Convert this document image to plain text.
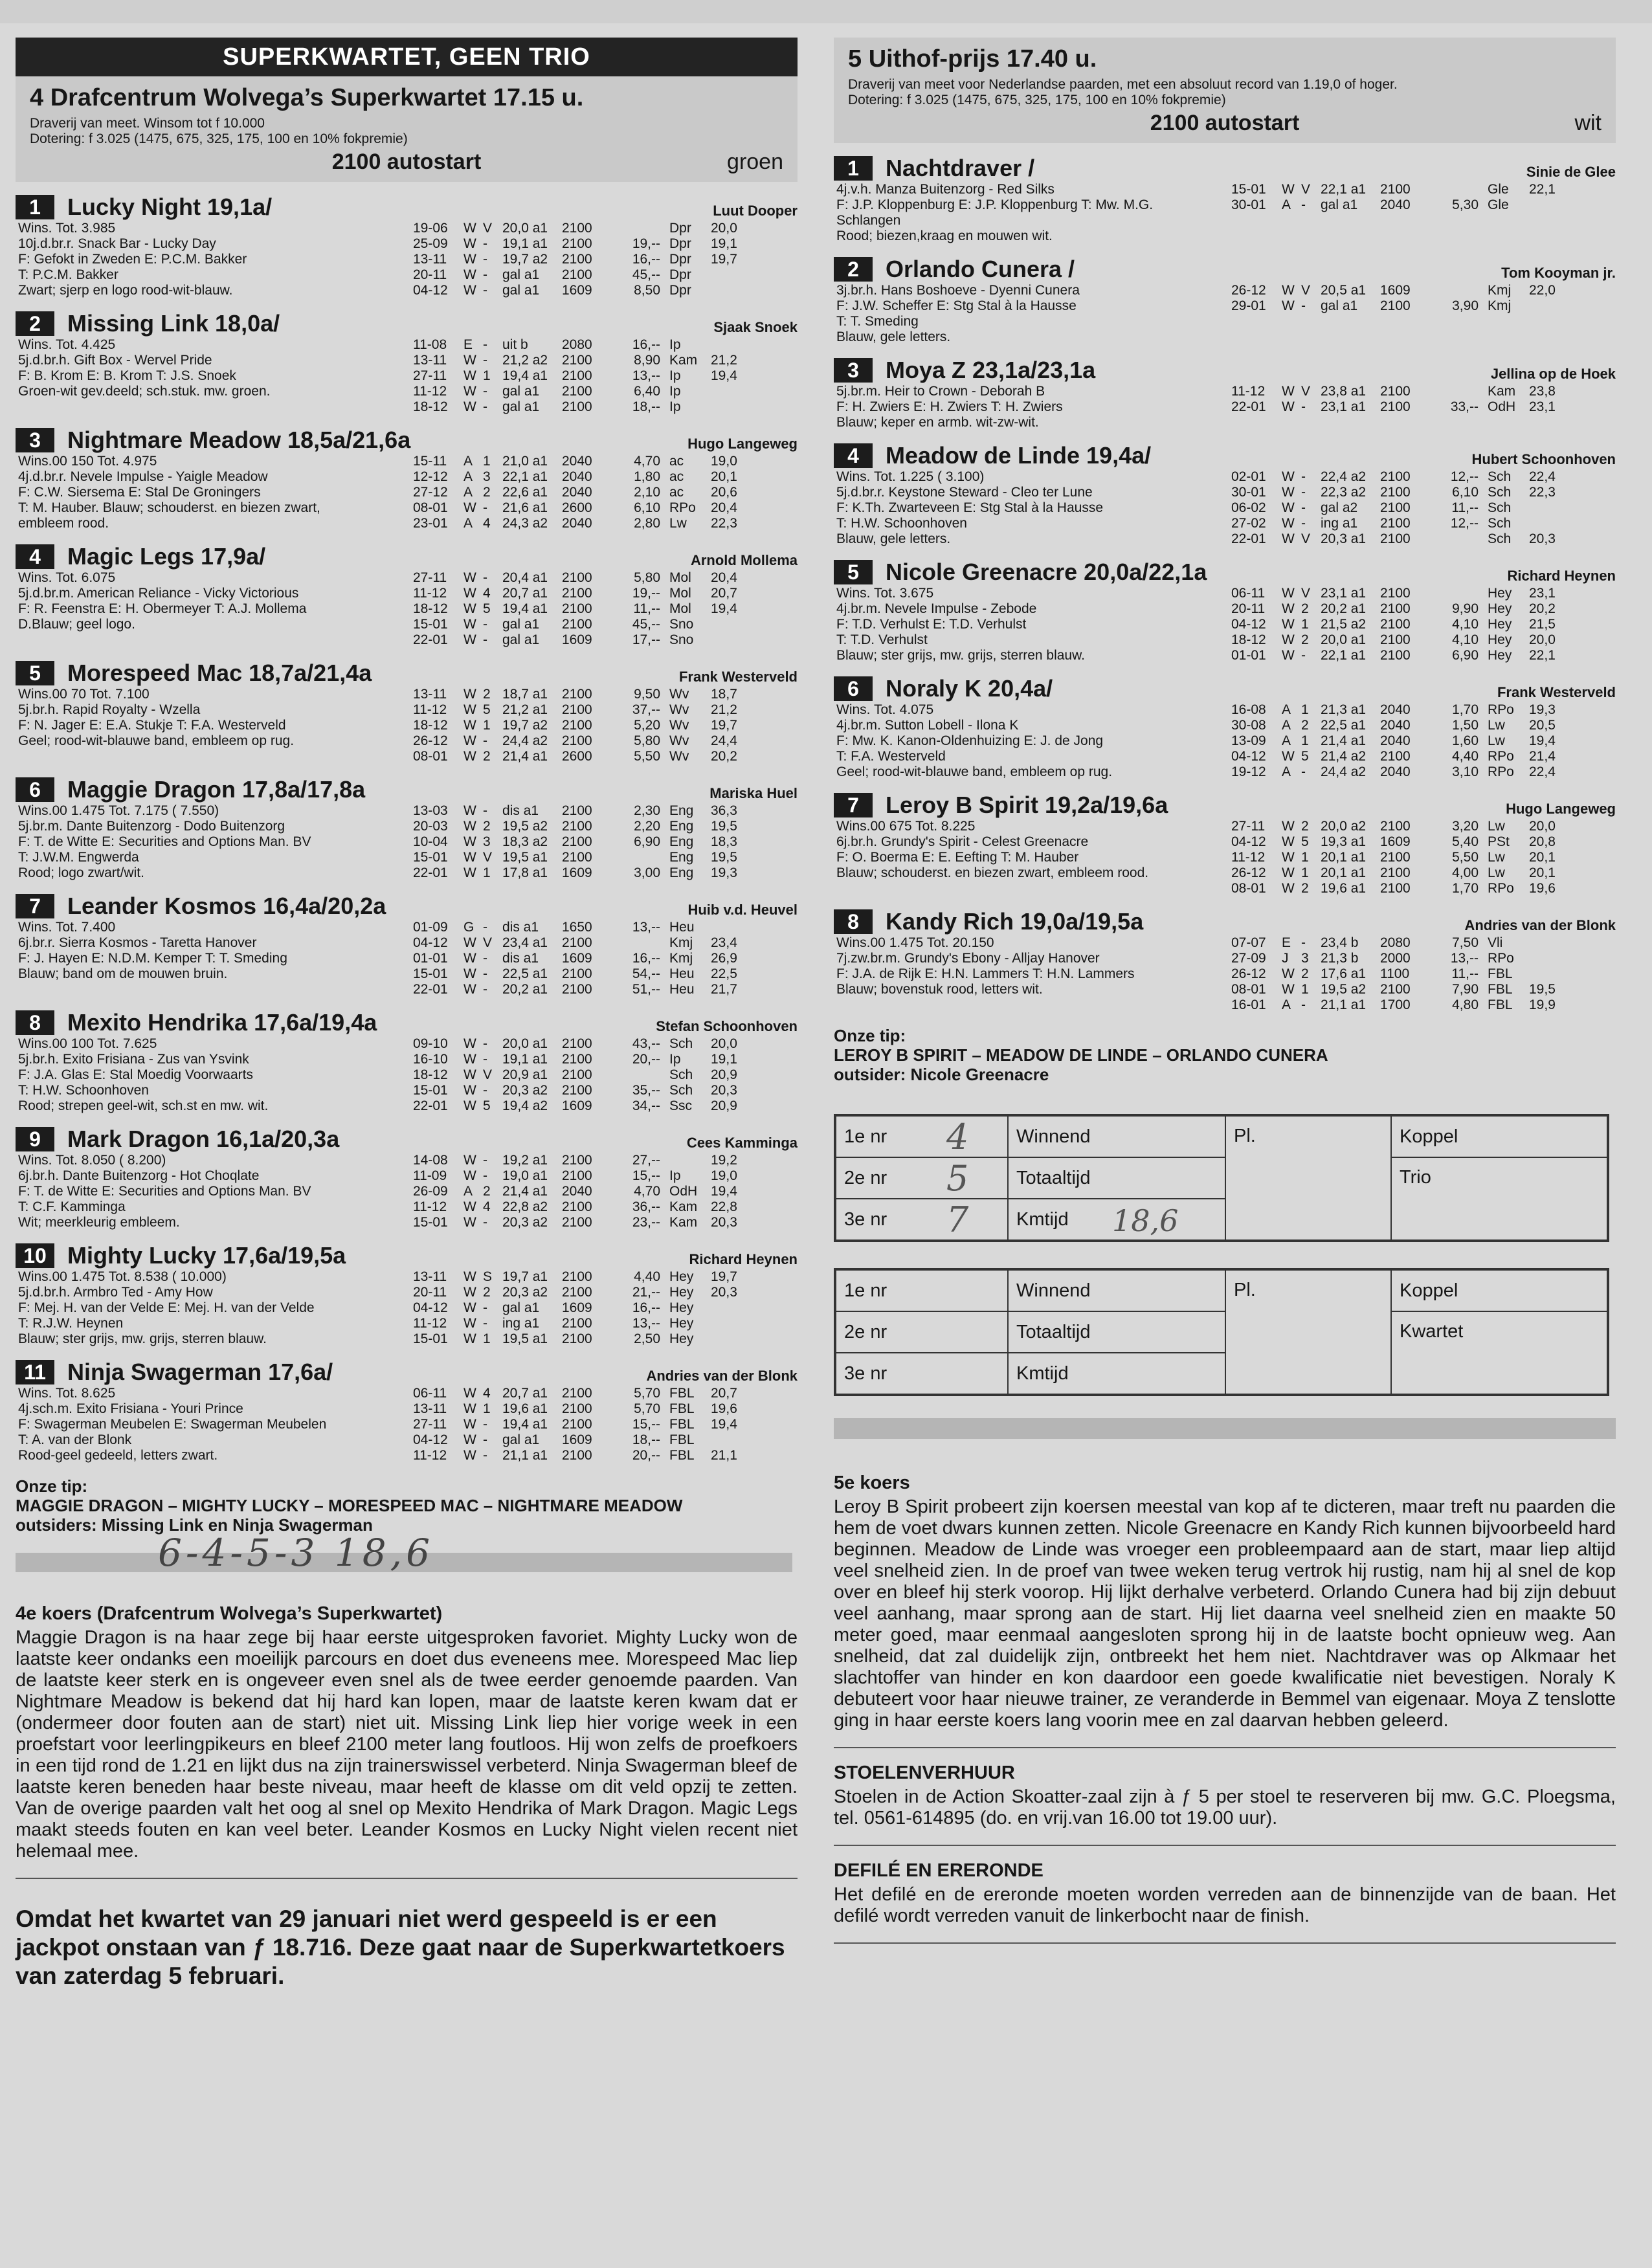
SUPERKWARTET, GEEN TRIO
4 Drafcentrum Wolvega’s Superkwartet 17.15 u.
Draverij van meet. Winsom tot f 10.000
Dotering: f 3.025 (1475, 675, 325, 175, 100 en 10% fokpremie)
2100 autostart	groen
1	Lucky Night 19,1a/	Luut Dooper
Wins. Tot. 3.985
10j.d.br.r. Snack Bar - Lucky Day
F: Gefokt in Zweden E: P.C.M. Bakker
T: P.C.M. Bakker
Zwart; sjerp en logo rood-wit-blauw.
19-06	W V 20,0 a1	2100	Dpr	20,0
25-09	W -	19,1 a1	2100	19,-- Dpr	19,1
13-11	W -	19,7 a2	2100	16,-- Dpr	19,7
20-11	W -	gal a1	2100	45,-- Dpr
04-12	W -	gal a1	1609	8,50 Dpr
2	Missing Link 18,0a/	Sjaak Snoek
Wins. Tot. 4.425
5j.d.br.h. Gift Box - Wervel Pride
F: B. Krom E: B. Krom T: J.S. Snoek
Groen-wit gev.deeld; sch.stuk. mw. groen.
11-08	E -	uit b	2080	16,-- Ip
13-11	W -	21,2 a2	2100	8,90 Kam 21,2
27-11	W 1 19,4 a1	2100	13,-- Ip	19,4
11-12	W -	gal a1	2100	6,40 Ip
18-12	W -	gal a1	2100	18,-- Ip
3	Nightmare Meadow 18,5a/21,6a	Hugo Langeweg
Wins.00 150 Tot. 4.975
4j.d.br.r. Nevele Impulse - Yaigle Meadow
F: C.W. Siersema E: Stal De Groningers
T: M. Hauber. Blauw; schouderst. en biezen zwart,
embleem rood.
15-11	A 1 21,0 a1	2040	4,70 ac	19,0
12-12	A 3 22,1 a1	2040	1,80 ac	20,1
27-12	A 2 22,6 a1	2040	2,10 ac	20,6
08-01	W -	21,6 a1	2600	6,10 RPo	20,4
23-01	A 4 24,3 a2	2040	2,80 Lw	22,3
4	Magic Legs 17,9a/	Arnold Mollema
Wins. Tot. 6.075
5j.d.br.m. American Reliance - Vicky Victorious
F: R. Feenstra E: H. Obermeyer T: A.J. Mollema
D.Blauw; geel logo.
27-11	W -	20,4 a1	2100	5,80 Mol	20,4
11-12	W 4 20,7 a1	2100	19,-- Mol	20,7
18-12	W 5 19,4 a1	2100	11,-- Mol	19,4
15-01	W -	gal a1	2100	45,-- Sno
22-01	W -	gal a1	1609	17,-- Sno
5	Morespeed Mac 18,7a/21,4a	Frank Westerveld
Wins.00 70 Tot. 7.100
5j.br.h. Rapid Royalty - Wzella
F: N. Jager E: E.A. Stukje T: F.A. Westerveld
Geel; rood-wit-blauwe band, embleem op rug.
13-11	W 2 18,7 a1	2100	9,50 Wv	18,7
11-12	W 5 21,2 a1	2100	37,-- Wv	21,2
18-12	W 1 19,7 a2	2100	5,20 Wv	19,7
26-12	W -	24,4 a2	2100	5,80 Wv	24,4
08-01	W 2 21,4 a1	2600	5,50 Wv	20,2
6	Maggie Dragon 17,8a/17,8a	Mariska Huel
Wins.00 1.475 Tot. 7.175 ( 7.550)
5j.br.m. Dante Buitenzorg - Dodo Buitenzorg
F: T. de Witte E: Securities and Options Man. BV
T: J.W.M. Engwerda
Rood; logo zwart/wit.
13-03	W -	dis a1	2100	2,30 Eng	36,3
20-03	W 2 19,5 a2	2100	2,20 Eng	19,5
10-04	W 3 18,3 a2	2100	6,90 Eng	18,3
15-01	W V 19,5 a1	2100	Eng	19,5
22-01	W 1 17,8 a1	1609	3,00 Eng	19,3
7	Leander Kosmos 16,4a/20,2a	Huib v.d. Heuvel
Wins. Tot. 7.400
6j.br.r. Sierra Kosmos - Taretta Hanover
F: J. Hayen E: N.D.M. Kemper T: T. Smeding
Blauw; band om de mouwen bruin.
01-09	G -	dis a1	1650	13,-- Heu
04-12	W V 23,4 a1	2100	Kmj	23,4
01-01	W -	dis a1	1609	16,-- Kmj	26,9
15-01	W -	22,5 a1	2100	54,-- Heu	22,5
22-01	W -	20,2 a1	2100	51,-- Heu	21,7
8	Mexito Hendrika 17,6a/19,4a	Stefan Schoonhoven
Wins.00 100 Tot. 7.625
5j.br.h. Exito Frisiana - Zus van Ysvink
F: J.A. Glas E: Stal Moedig Voorwaarts
T: H.W. Schoonhoven
Rood; strepen geel-wit, sch.st en mw. wit.
09-10	W -	20,0 a1	2100	43,-- Sch	20,0
16-10	W -	19,1 a1	2100	20,-- Ip	19,1
18-12	W V 20,9 a1	2100	Sch	20,9
15-01	W -	20,3 a2	2100	35,-- Sch	20,3
22-01	W 5 19,4 a2	1609	34,-- Ssc	20,9
9	Mark Dragon 16,1a/20,3a	Cees Kamminga
Wins. Tot. 8.050 ( 8.200)
6j.br.h. Dante Buitenzorg - Hot Choqlate
F: T. de Witte E: Securities and Options Man. BV
T: C.F. Kamminga
Wit; meerkleurig embleem.
14-08	W -	19,2 a1	2100	27,--	19,2
11-09	W -	19,0 a1	2100	15,-- Ip	19,0
26-09	A 2 21,4 a1	2040	4,70 OdH 19,4
11-12	W 4 22,8 a2	2100	36,-- Kam 22,8
15-01	W -	20,3 a2	2100	23,-- Kam 20,3
10 Mighty Lucky 17,6a/19,5a	Richard Heynen
Wins.00 1.475 Tot. 8.538 ( 10.000)
5j.d.br.h. Armbro Ted - Amy How
F: Mej. H. van der Velde E: Mej. H. van der Velde
T: R.J.W. Heynen
Blauw; ster grijs, mw. grijs, sterren blauw.
13-11	W S 19,7 a1	2100	4,40 Hey	19,7
20-11	W 2 20,3 a2	2100	21,-- Hey	20,3
04-12	W -	gal a1	1609	16,-- Hey
11-12	W -	ing a1	2100	13,-- Hey
15-01	W 1 19,5 a1	2100	2,50 Hey
11 Ninja Swagerman 17,6a/	Andries van der Blonk
Wins. Tot. 8.625
4j.sch.m. Exito Frisiana - Youri Prince
F: Swagerman Meubelen E: Swagerman Meubelen
T: A. van der Blonk
Rood-geel gedeeld, letters zwart.
06-11	W 4 20,7 a1	2100	5,70 FBL	20,7
13-11	W 1 19,6 a1	2100	5,70 FBL	19,6
27-11	W -	19,4 a1	2100	15,-- FBL	19,4
04-12	W -	gal a1	1609	18,-- FBL
11-12	W -	21,1 a1	2100	20,-- FBL	21,1
Onze tip:
MAGGIE DRAGON – MIGHTY LUCKY – MORESPEED MAC – NIGHTMARE MEADOW
outsiders: Missing Link en Ninja Swagerman
6-4-5-3 18,6
4e koers (Drafcentrum Wolvega’s Superkwartet)

Maggie Dragon is na haar zege bij haar eerste uitgesproken favoriet. Mighty Lucky won de laatste keer ondanks een moeilijk parcours en doet dus eveneens mee. Morespeed Mac liep de laatste keer sterk en is ongeveer even snel als de twee eerder genoemde paarden. Van Nightmare Meadow is bekend dat hij hard kan lopen, maar de laatste keren kwam dat er (ondermeer door fouten aan de start) niet uit. Missing Link liep hier vorige week in een proefstart voor leerlingpikeurs en bleef 2100 meter lang foutloos. Hij won zelfs de proefkoers in een tijd rond de 1.21 en lijkt dus na zijn trainerswissel verbeterd. Ninja Swagerman bleef de laatste keren beneden haar beste niveau, maar heeft de klasse om dit veld opzij te zetten. Van de overige paarden valt het oog al snel op Mexito Hendrika of Mark Dragon. Magic Legs maakt steeds fouten en kan veel beter. Leander Kosmos en Lucky Night vielen recent niet helemaal mee.

Omdat het kwartet van 29 januari niet werd gespeeld is er een jackpot onstaan van ƒ 18.716. Deze gaat naar de Superkwartetkoers van zaterdag 5 februari.
5 Uithof-prijs 17.40 u.
Draverij van meet voor Nederlandse paarden, met een absoluut record van 1.19,0 of hoger.
Dotering: f 3.025 (1475, 675, 325, 175, 100 en 10% fokpremie)
2100 autostart	wit
1	Nachtdraver /	Sinie de Glee
4j.v.h. Manza Buitenzorg - Red Silks
F: J.P. Kloppenburg E: J.P. Kloppenburg T: Mw. M.G.
Schlangen
Rood; biezen,kraag en mouwen wit.
15-01	W V 22,1 a1	2100	Gle	22,1
30-01	A -	gal a1	2040	5,30 Gle
2	Orlando Cunera /	Tom Kooyman jr.
3j.br.h. Hans Boshoeve - Dyenni Cunera
F: J.W. Scheffer E: Stg Stal à la Hausse
T: T. Smeding
Blauw, gele letters.
26-12	W V 20,5 a1	1609	Kmj	22,0
29-01	W -	gal a1	2100	3,90 Kmj
3	Moya Z 23,1a/23,1a	Jellina op de Hoek
5j.br.m. Heir to Crown - Deborah B
F: H. Zwiers E: H. Zwiers T: H. Zwiers
Blauw; keper en armb. wit-zw-wit.
11-12	W V 23,8 a1	2100	Kam 23,8
22-01	W -	23,1 a1	2100	33,-- OdH 23,1
4	Meadow de Linde 19,4a/	Hubert Schoonhoven
Wins. Tot. 1.225 ( 3.100)
5j.d.br.r. Keystone Steward - Cleo ter Lune
F: K.Th. Zwarteveen E: Stg Stal à la Hausse
T: H.W. Schoonhoven
Blauw, gele letters.
02-01	W -	22,4 a2	2100	12,-- Sch	22,4
30-01	W -	22,3 a2	2100	6,10 Sch	22,3
06-02	W -	gal a2	2100	11,-- Sch
27-02	W -	ing a1	2100	12,-- Sch
22-01	W V 20,3 a1	2100	Sch	20,3
5	Nicole Greenacre 20,0a/22,1a	Richard Heynen
Wins. Tot. 3.675
4j.br.m. Nevele Impulse - Zebode
F: T.D. Verhulst E: T.D. Verhulst
T: T.D. Verhulst
Blauw; ster grijs, mw. grijs, sterren blauw.
06-11	W V 23,1 a1	2100	Hey	23,1
20-11	W 2 20,2 a1	2100	9,90 Hey	20,2
04-12	W 1 21,5 a2	2100	4,10 Hey	21,5
18-12	W 2 20,0 a1	2100	4,10 Hey	20,0
01-01	W -	22,1 a1	2100	6,90 Hey	22,1
6	Noraly K 20,4a/	Frank Westerveld
Wins. Tot. 4.075
4j.br.m. Sutton Lobell - Ilona K
F: Mw. K. Kanon-Oldenhuizing E: J. de Jong
T: F.A. Westerveld
Geel; rood-wit-blauwe band, embleem op rug.
16-08	A 1 21,3 a1	2040	1,70 RPo	19,3
30-08	A 2 22,5 a1	2040	1,50 Lw	20,5
13-09	A 1 21,4 a1	2040	1,60 Lw	19,4
04-12	W 5 21,4 a2	2100	4,40 RPo	21,4
19-12	A -	24,4 a2	2040	3,10 RPo	22,4
7	Leroy B Spirit 19,2a/19,6a	Hugo Langeweg
Wins.00 675 Tot. 8.225
6j.br.h. Grundy's Spirit - Celest Greenacre
F: O. Boerma E: E. Eefting T: M. Hauber
Blauw; schouderst. en biezen zwart, embleem rood.
27-11	W 2 20,0 a2	2100	3,20 Lw	20,0
04-12	W 5 19,3 a1	1609	5,40 PSt	20,8
11-12	W 1 20,1 a1	2100	5,50 Lw	20,1
26-12	W 1 20,1 a1	2100	4,00 Lw	20,1
08-01	W 2 19,6 a1	2100	1,70 RPo	19,6
8	Kandy Rich 19,0a/19,5a	Andries van der Blonk
Wins.00 1.475 Tot. 20.150
7j.zw.br.m. Grundy's Ebony - Alljay Hanover
F: J.A. de Rijk E: H.N. Lammers T: H.N. Lammers
Blauw; bovenstuk rood, letters wit.
07-07	E -	23,4 b	2080	7,50 Vli
27-09	J 3 21,3 b	2000	13,-- RPo
26-12	W 2 17,6 a1	1100	11,-- FBL
08-01	W 1 19,5 a2	2100	7,90 FBL	19,5
16-01	A -	21,1 a1	1700	4,80 FBL	19,9
Onze tip:
LEROY B SPIRIT – MEADOW DE LINDE – ORLANDO CUNERA
outsider: Nicole Greenacre
1e nr 4	Winnend	Pl.	Koppel
2e nr 5	Totaaltijd		Trio
3e nr 7	Kmtijd 18,6		
1e nr	Winnend	Pl.	Koppel
2e nr	Totaaltijd		Kwartet
3e nr	Kmtijd		
5e koers

Leroy B Spirit probeert zijn koersen meestal van kop af te dicteren, maar treft nu paarden die hem de voet dwars kunnen zetten. Nicole Greenacre en Kandy Rich kunnen bijvoorbeeld hard beginnen. Meadow de Linde was vroeger een probleempaard aan de start, maar liep altijd veel snelheid zien. In de proef van twee weken terug vertrok hij rustig, nam hij al snel de kop over en bleef hij sterk voorop. Hij lijkt derhalve verbeterd. Orlando Cunera had bij zijn debuut veel aanhang, maar sprong aan de start. Hij liet daarna veel snelheid zien en maakte 50 meter goed, maar eenmaal aangesloten sprong hij in de laatste bocht opnieuw weg. Aan snelheid, dat zal duidelijk zijn, ontbreekt het hem niet. Nachtdraver was op Alkmaar het slachtoffer van hinder en kon daardoor een goede kwalificatie niet bevestigen. Noraly K debuteert voor haar nieuwe trainer, ze veranderde in Bemmel van eigenaar. Moya Z tenslotte ging in haar eerste koers lang voorin mee en zal daarvan hebben geleerd.

STOELENVERHUUR

Stoelen in de Action Skoatter-zaal zijn à ƒ 5 per stoel te reserveren bij mw. G.C. Ploegsma, tel. 0561-614895 (do. en vrij.van 16.00 tot 19.00 uur).

DEFILÉ EN ERERONDE

Het defilé en de ereronde moeten worden verreden aan de binnenzijde van de baan. Het defilé wordt verreden vanuit de linkerbocht naar de finish.
